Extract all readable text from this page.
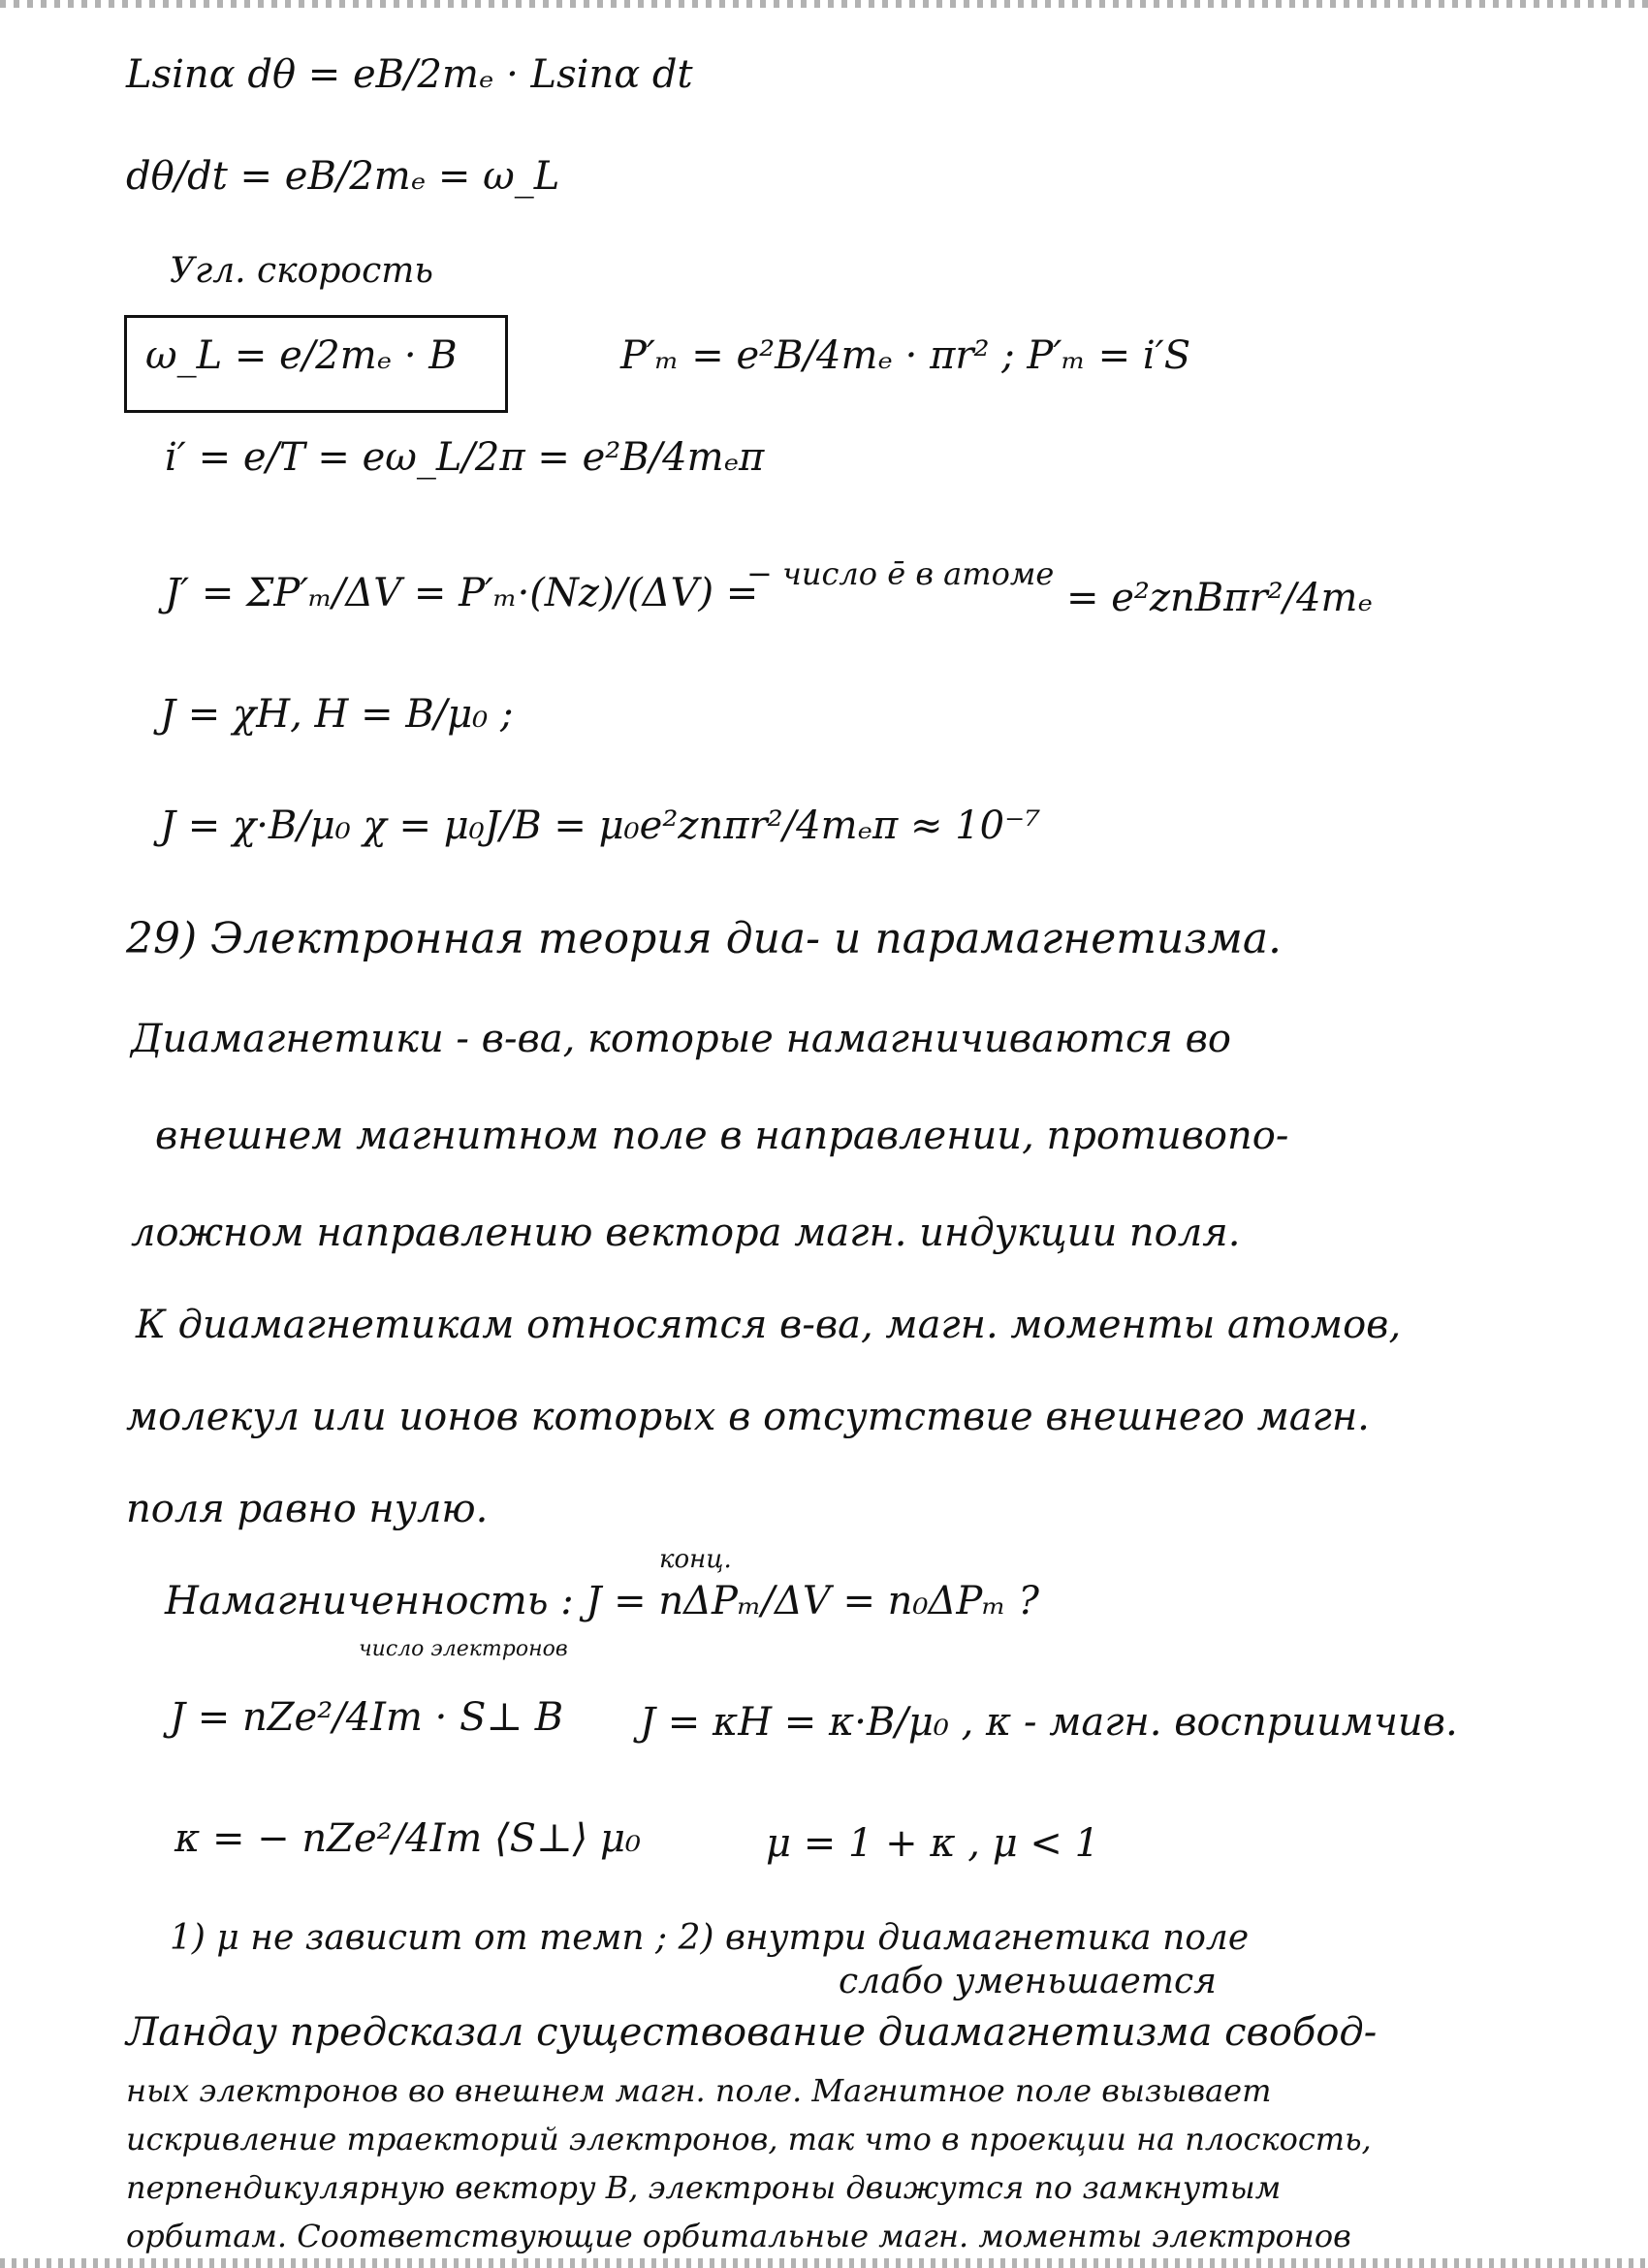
Lsinα dθ = eB/2mₑ · Lsinα dt
dθ/dt = eB/2mₑ = ω_L
Угл. скорость
ω_L = e/2mₑ · B	P′ₘ = e²B/4mₑ · πr² ; P′ₘ = i′S
i′ = e/T = eω_L/2π = e²B/4mₑπ
J′ = ΣP′ₘ/ΔV = P′ₘ·(Nz)/(ΔV) =
− число ē в атоме
= e²znBπr²/4mₑ
J = χH, H = B/μ₀ ;
J = χ·B/μ₀ χ = μ₀J/B = μ₀e²znπr²/4mₑπ ≈ 10⁻⁷
29) Электронная теория диа- и парамагнетизма.
Диамагнетики - в-ва, которые намагничиваются во
внешнем магнитном поле в направлении, противопо-
ложном направлению вектора магн. индукции поля.
К диамагнетикам относятся в-ва, магн. моменты атомов,
молекул или ионов которых в отсутствие внешнего магн.
поля равно нулю.
конц.
Намагниченность : J = nΔPₘ/ΔV = n₀ΔPₘ ?
число электронов
J = nZe²/4Im · S⊥ B J = κH = κ·B/μ₀ , κ - магн. восприимчив.
κ = − nZe²/4Im ⟨S⊥⟩ μ₀	μ = 1 + κ , μ < 1
1) μ не зависит от темп ; 2) внутри диамагнетика поле
слабо уменьшается
Ландау предсказал существование диамагнетизма свобод-
ных электронов во внешнем магн. поле. Магнитное поле вызывает
искривление траекторий электронов, так что в проекции на плоскость,
перпендикулярную вектору B, электроны движутся по замкнутым
орбитам. Соответствующие орбитальные магн. моменты электронов
